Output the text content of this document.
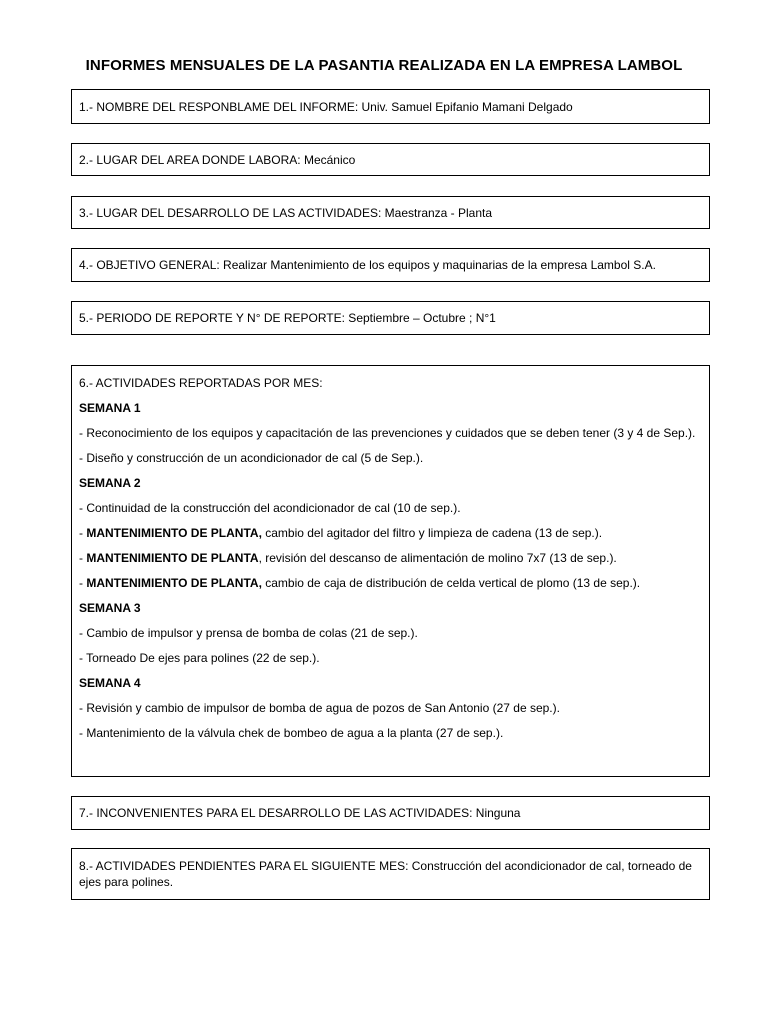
INFORMES MENSUALES DE LA PASANTIA REALIZADA EN LA EMPRESA LAMBOL
1.- NOMBRE DEL RESPONBLAME DEL INFORME: Univ. Samuel Epifanio Mamani Delgado
2.- LUGAR DEL AREA DONDE LABORA: Mecánico
3.- LUGAR DEL DESARROLLO DE LAS ACTIVIDADES: Maestranza - Planta
4.- OBJETIVO GENERAL: Realizar Mantenimiento de los equipos y maquinarias de la empresa Lambol S.A.
5.- PERIODO DE REPORTE Y N° DE REPORTE: Septiembre – Octubre ; N°1
6.- ACTIVIDADES REPORTADAS POR MES:
SEMANA 1
- Reconocimiento de los equipos y capacitación de las prevenciones y cuidados que se deben tener (3 y 4 de Sep.).
- Diseño y construcción de un acondicionador de cal (5 de Sep.).
SEMANA 2
- Continuidad de la construcción del acondicionador de cal (10 de sep.).
- MANTENIMIENTO DE PLANTA, cambio del agitador del filtro y limpieza de cadena (13 de sep.).
- MANTENIMIENTO DE PLANTA, revisión del descanso de alimentación de molino 7x7 (13 de sep.).
- MANTENIMIENTO DE PLANTA, cambio de caja de distribución de celda vertical de plomo (13 de sep.).
SEMANA 3
- Cambio de impulsor y prensa de bomba de colas (21 de sep.).
- Torneado De ejes para polines (22 de sep.).
SEMANA 4
- Revisión y cambio de impulsor de bomba de agua de pozos de San Antonio (27 de sep.).
- Mantenimiento de la válvula chek de bombeo de agua a la planta (27 de sep.).
7.- INCONVENIENTES PARA EL DESARROLLO DE LAS ACTIVIDADES: Ninguna
8.- ACTIVIDADES PENDIENTES PARA EL SIGUIENTE MES: Construcción del acondicionador de cal, torneado de ejes para polines.
